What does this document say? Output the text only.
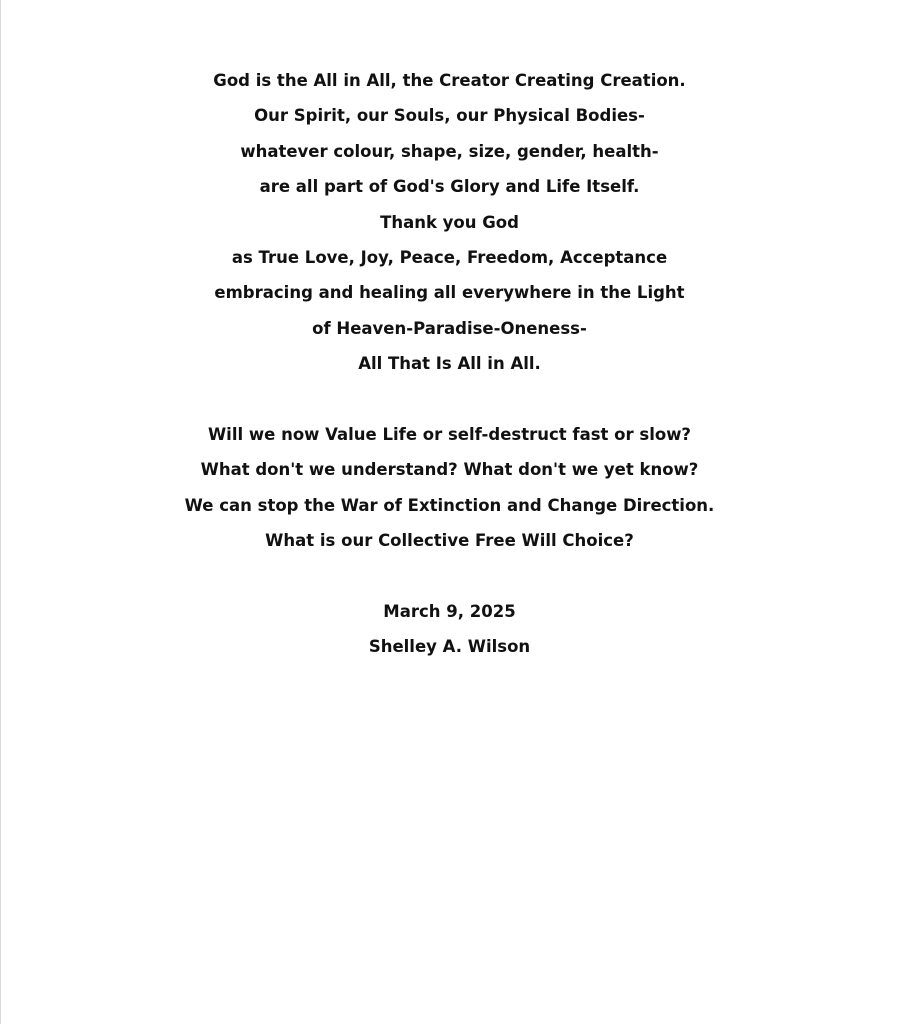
God is the All in All, the Creator Creating Creation.
Our Spirit, our Souls, our Physical Bodies-
whatever colour, shape, size, gender, health-
are all part of God's Glory and Life Itself.
Thank you God
as True Love, Joy, Peace, Freedom, Acceptance
embracing and healing all everywhere in the Light
of Heaven-Paradise-Oneness-
All That Is All in All.
Will we now Value Life or self-destruct fast or slow?
What don't we understand? What don't we yet know?
We can stop the War of Extinction and Change Direction.
What is our Collective Free Will Choice?
March 9, 2025
Shelley A. Wilson
